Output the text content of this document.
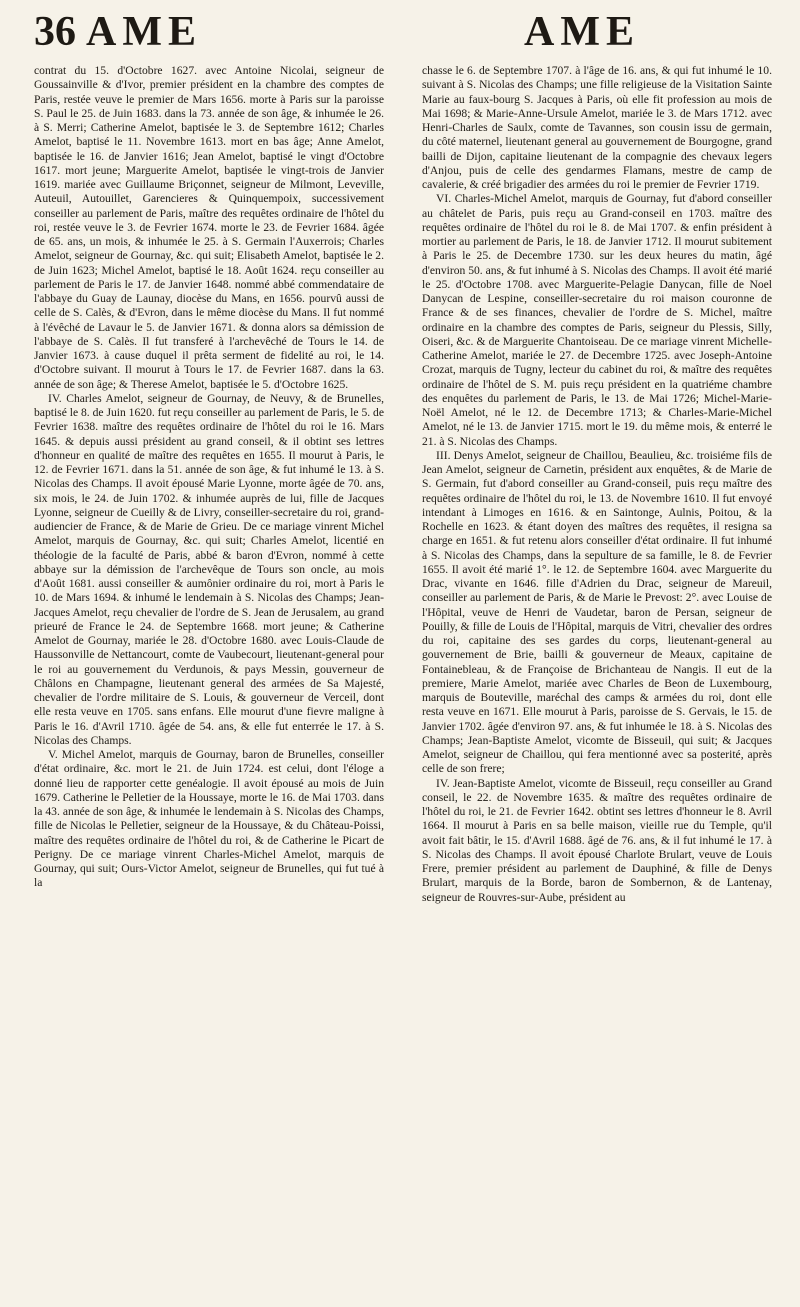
36 AME	AME

contrat du 15. d'Octobre 1627. avec Antoine Nicolai, seigneur de Goussainville & d'Ivor, premier président en la chambre des comptes de Paris, restée veuve le premier de Mars 1656. morte à Paris sur la paroisse S. Paul le 25. de Juin 1683. dans la 73. année de son âge, & inhumée le 26. à S. Merri; Catherine Amelot, baptisée le 3. de Septembre 1612; Charles Amelot, baptisé le 11. Novembre 1613. mort en bas âge; Anne Amelot, baptisée le 16. de Janvier 1616; Jean Amelot, baptisé le vingt d'Octobre 1617. mort jeune; Marguerite Amelot, baptisée le vingt-trois de Janvier 1619. mariée avec Guillaume Briçonnet, seigneur de Milmont, Leveville, Auteuil, Autouillet, Garencieres & Quinquempoix, successivement conseiller au parlement de Paris, maître des requêtes ordinaire de l'hôtel du roi, restée veuve le 3. de Fevrier 1674. morte le 23. de Fevrier 1684. âgée de 65. ans, un mois, & inhumée le 25. à S. Germain l'Auxerrois; Charles Amelot, seigneur de Gournay, &c. qui suit; Elisabeth Amelot, baptisée le 2. de Juin 1623; Michel Amelot, baptisé le 18. Août 1624. reçu conseiller au parlement de Paris le 17. de Janvier 1648. nommé abbé commendataire de l'abbaye du Guay de Launay, diocèse du Mans, en 1656. pourvû aussi de celle de S. Calès, & d'Evron, dans le même diocèse du Mans. Il fut nommé à l'évêché de Lavaur le 5. de Janvier 1671. & donna alors sa démission de l'abbaye de S. Calès. Il fut transferé à l'archevêché de Tours le 14. de Janvier 1673. à cause duquel il prêta serment de fidelité au roi, le 14. d'Octobre suivant. Il mourut à Tours le 17. de Fevrier 1687. dans la 63. année de son âge; & Therese Amelot, baptisée le 5. d'Octobre 1625.

IV. Charles Amelot, seigneur de Gournay, de Neuvy, & de Brunelles, baptisé le 8. de Juin 1620. fut reçu conseiller au parlement de Paris, le 5. de Fevrier 1638. maître des requêtes ordinaire de l'hôtel du roi le 16. Mars 1645. & depuis aussi président au grand conseil, & il obtint ses lettres d'honneur en qualité de maître des requêtes en 1655. Il mourut à Paris, le 12. de Fevrier 1671. dans la 51. année de son âge, & fut inhumé le 13. à S. Nicolas des Champs. Il avoit épousé Marie Lyonne, morte âgée de 70. ans, six mois, le 24. de Juin 1702. & inhumée auprès de lui, fille de Jacques Lyonne, seigneur de Cueilly & de Livry, conseiller-secretaire du roi, grand-audiencier de France, & de Marie de Grieu. De ce mariage vinrent Michel Amelot, marquis de Gournay, &c. qui suit; Charles Amelot, licentié en théologie de la faculté de Paris, abbé & baron d'Evron, nommé à cette abbaye sur la démission de l'archevêque de Tours son oncle, au mois d'Août 1681. aussi conseiller & aumônier ordinaire du roi, mort à Paris le 10. de Mars 1694. & inhumé le lendemain à S. Nicolas des Champs; Jean-Jacques Amelot, reçu chevalier de l'ordre de S. Jean de Jerusalem, au grand prieuré de France le 24. de Septembre 1668. mort jeune; & Catherine Amelot de Gournay, mariée le 28. d'Octobre 1680. avec Louis-Claude de Haussonville de Nettancourt, comte de Vaubecourt, lieutenant-general pour le roi au gouvernement du Verdunois, & pays Messin, gouverneur de Châlons en Champagne, lieutenant general des armées de Sa Majesté, chevalier de l'ordre militaire de S. Louis, & gouverneur de Verceil, dont elle resta veuve en 1705. sans enfans. Elle mourut d'une fievre maligne à Paris le 16. d'Avril 1710. âgée de 54. ans, & elle fut enterrée le 17. à S. Nicolas des Champs.

V. Michel Amelot, marquis de Gournay, baron de Brunelles, conseiller d'état ordinaire, &c. mort le 21. de Juin 1724. est celui, dont l'éloge a donné lieu de rapporter cette genéalogie. Il avoit épousé au mois de Juin 1679. Catherine le Pelletier de la Houssaye, morte le 16. de Mai 1703. dans la 43. année de son âge, & inhumée le lendemain à S. Nicolas des Champs, fille de Nicolas le Pelletier, seigneur de la Houssaye, & du Château-Poissi, maître des requêtes ordinaire de l'hôtel du roi, & de Catherine le Picart de Perigny. De ce mariage vinrent Charles-Michel Amelot, marquis de Gournay, qui suit; Ours-Victor Amelot, seigneur de Brunelles, qui fut tué à la

chasse le 6. de Septembre 1707. à l'âge de 16. ans, & qui fut inhumé le 10. suivant à S. Nicolas des Champs; une fille religieuse de la Visitation Sainte Marie au faux-bourg S. Jacques à Paris, où elle fit profession au mois de Mai 1698; & Marie-Anne-Ursule Amelot, mariée le 3. de Mars 1712. avec Henri-Charles de Saulx, comte de Tavannes, son cousin issu de germain, du côté maternel, lieutenant general au gouvernement de Bourgogne, grand bailli de Dijon, capitaine lieutenant de la compagnie des chevaux legers d'Anjou, puis de celle des gendarmes Flamans, mestre de camp de cavalerie, & créé brigadier des armées du roi le premier de Fevrier 1719.

VI. Charles-Michel Amelot, marquis de Gournay, fut d'abord conseiller au châtelet de Paris, puis reçu au Grand-conseil en 1703. maître des requêtes ordinaire de l'hôtel du roi le 8. de Mai 1707. & enfin président à mortier au parlement de Paris, le 18. de Janvier 1712. Il mourut subitement à Paris le 25. de Decembre 1730. sur les deux heures du matin, âgé d'environ 50. ans, & fut inhumé à S. Nicolas des Champs. Il avoit été marié le 25. d'Octobre 1708. avec Marguerite-Pelagie Danycan, fille de Noel Danycan de Lespine, conseiller-secretaire du roi maison couronne de France & de ses finances, chevalier de l'ordre de S. Michel, maître ordinaire en la chambre des comptes de Paris, seigneur du Plessis, Silly, Oiseri, &c. & de Marguerite Chantoiseau. De ce mariage vinrent Michelle-Catherine Amelot, mariée le 27. de Decembre 1725. avec Joseph-Antoine Crozat, marquis de Tugny, lecteur du cabinet du roi, & maître des requêtes ordinaire de l'hôtel de S. M. puis reçu président en la quatriéme chambre des enquêtes du parlement de Paris, le 13. de Mai 1726; Michel-Marie-Noël Amelot, né le 12. de Decembre 1713; & Charles-Marie-Michel Amelot, né le 13. de Janvier 1715. mort le 19. du même mois, & enterré le 21. à S. Nicolas des Champs.

III. Denys Amelot, seigneur de Chaillou, Beaulieu, &c. troisiéme fils de Jean Amelot, seigneur de Carnetin, président aux enquêtes, & de Marie de S. Germain, fut d'abord conseiller au Grand-conseil, puis reçu maître des requêtes ordinaire de l'hôtel du roi, le 13. de Novembre 1610. Il fut envoyé intendant à Limoges en 1616. & en Saintonge, Aulnis, Poitou, & la Rochelle en 1623. & étant doyen des maîtres des requêtes, il resigna sa charge en 1651. & fut retenu alors conseiller d'état ordinaire. Il fut inhumé à S. Nicolas des Champs, dans la sepulture de sa famille, le 8. de Fevrier 1655. Il avoit été marié 1°. le 12. de Septembre 1604. avec Marguerite du Drac, vivante en 1646. fille d'Adrien du Drac, seigneur de Mareuil, conseiller au parlement de Paris, & de Marie le Prevost: 2°. avec Louise de l'Hôpital, veuve de Henri de Vaudetar, baron de Persan, seigneur de Pouilly, & fille de Louis de l'Hôpital, marquis de Vitri, chevalier des ordres du roi, capitaine des ses gardes du corps, lieutenant-general au gouvernement de Brie, bailli & gouverneur de Meaux, capitaine de Fontainebleau, & de Françoise de Brichanteau de Nangis. Il eut de la premiere, Marie Amelot, mariée avec Charles de Beon de Luxembourg, marquis de Bouteville, maréchal des camps & armées du roi, dont elle resta veuve en 1671. Elle mourut à Paris, paroisse de S. Gervais, le 15. de Janvier 1702. âgée d'environ 97. ans, & fut inhumée le 18. à S. Nicolas des Champs; Jean-Baptiste Amelot, vicomte de Bisseuil, qui suit; & Jacques Amelot, seigneur de Chaillou, qui fera mentionné avec sa posterité, après celle de son frere;

IV. Jean-Baptiste Amelot, vicomte de Bisseuil, reçu conseiller au Grand conseil, le 22. de Novembre 1635. & maître des requêtes ordinaire de l'hôtel du roi, le 21. de Fevrier 1642. obtint ses lettres d'honneur le 8. Avril 1664. Il mourut à Paris en sa belle maison, vieille rue du Temple, qu'il avoit fait bâtir, le 15. d'Avril 1688. âgé de 76. ans, & il fut inhumé le 17. à S. Nicolas des Champs. Il avoit épousé Charlote Brulart, veuve de Louis Frere, premier président au parlement de Dauphiné, & fille de Denys Brulart, marquis de la Borde, baron de Sombernon, & de Lantenay, seigneur de Rouvres-sur-Aube, président au
